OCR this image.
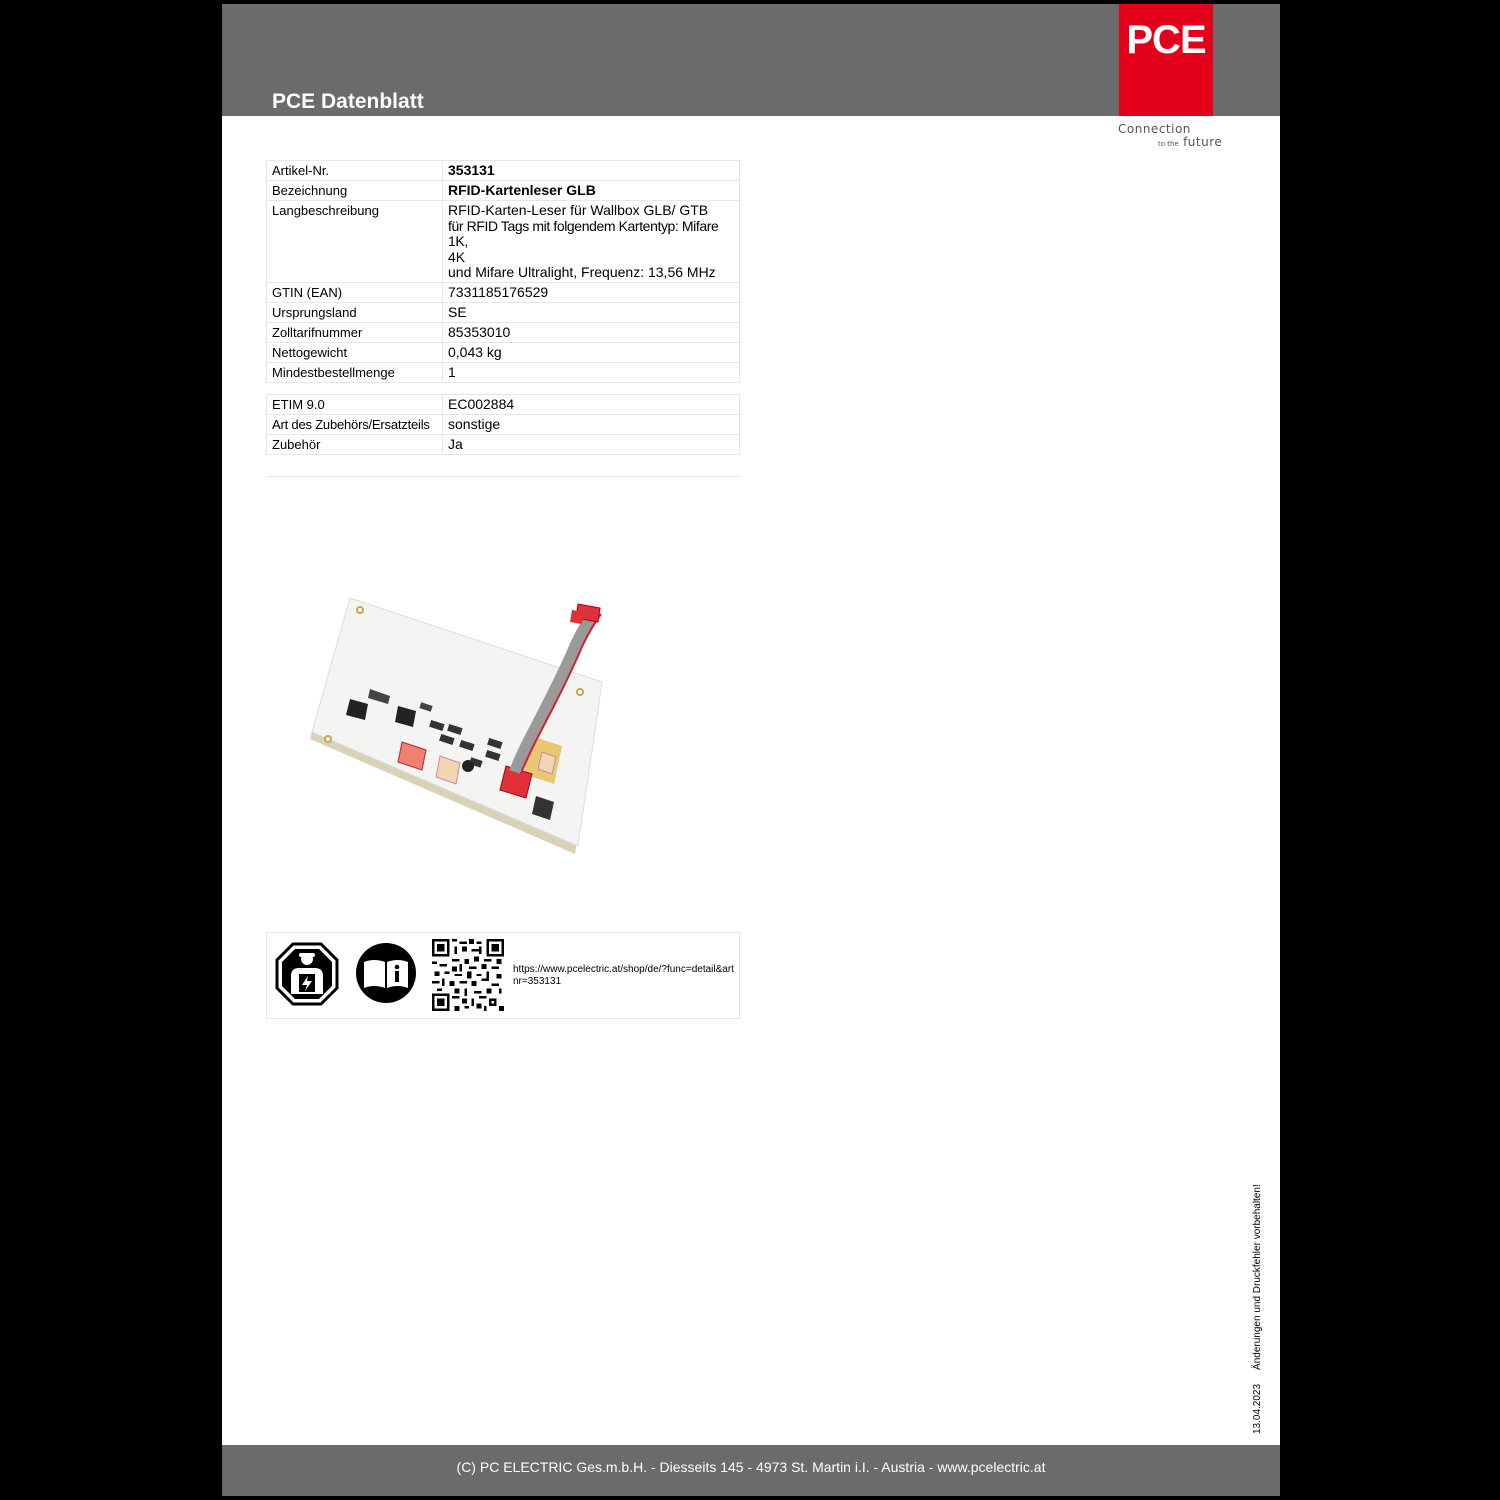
PCE Datenblatt
PCE
Connection
to the future
Artikel-Nr.	353131
Bezeichnung	RFID-Kartenleser GLB
Langbeschreibung	RFID-Karten-Leser für Wallbox GLB/ GTB
für RFID Tags mit folgendem Kartentyp: Mifare 1K,
4K
und Mifare Ultralight, Frequenz: 13,56 MHz

GTIN (EAN)	7331185176529
Ursprungsland	SE
Zolltarifnummer	85353010
Nettogewicht	0,043 kg
Mindestbestellmenge	1
ETIM 9.0	EC002884
Art des Zubehörs/Ersatzteils	sonstige
Zubehör	Ja
https://www.pcelectric.at/shop/de/?func=detail&artnr=353131
13.04.2023Änderungen und Druckfehler vorbehalten!
(C) PC ELECTRIC Ges.m.b.H. - Diesseits 145 - 4973 St. Martin i.I. - Austria - www.pcelectric.at
